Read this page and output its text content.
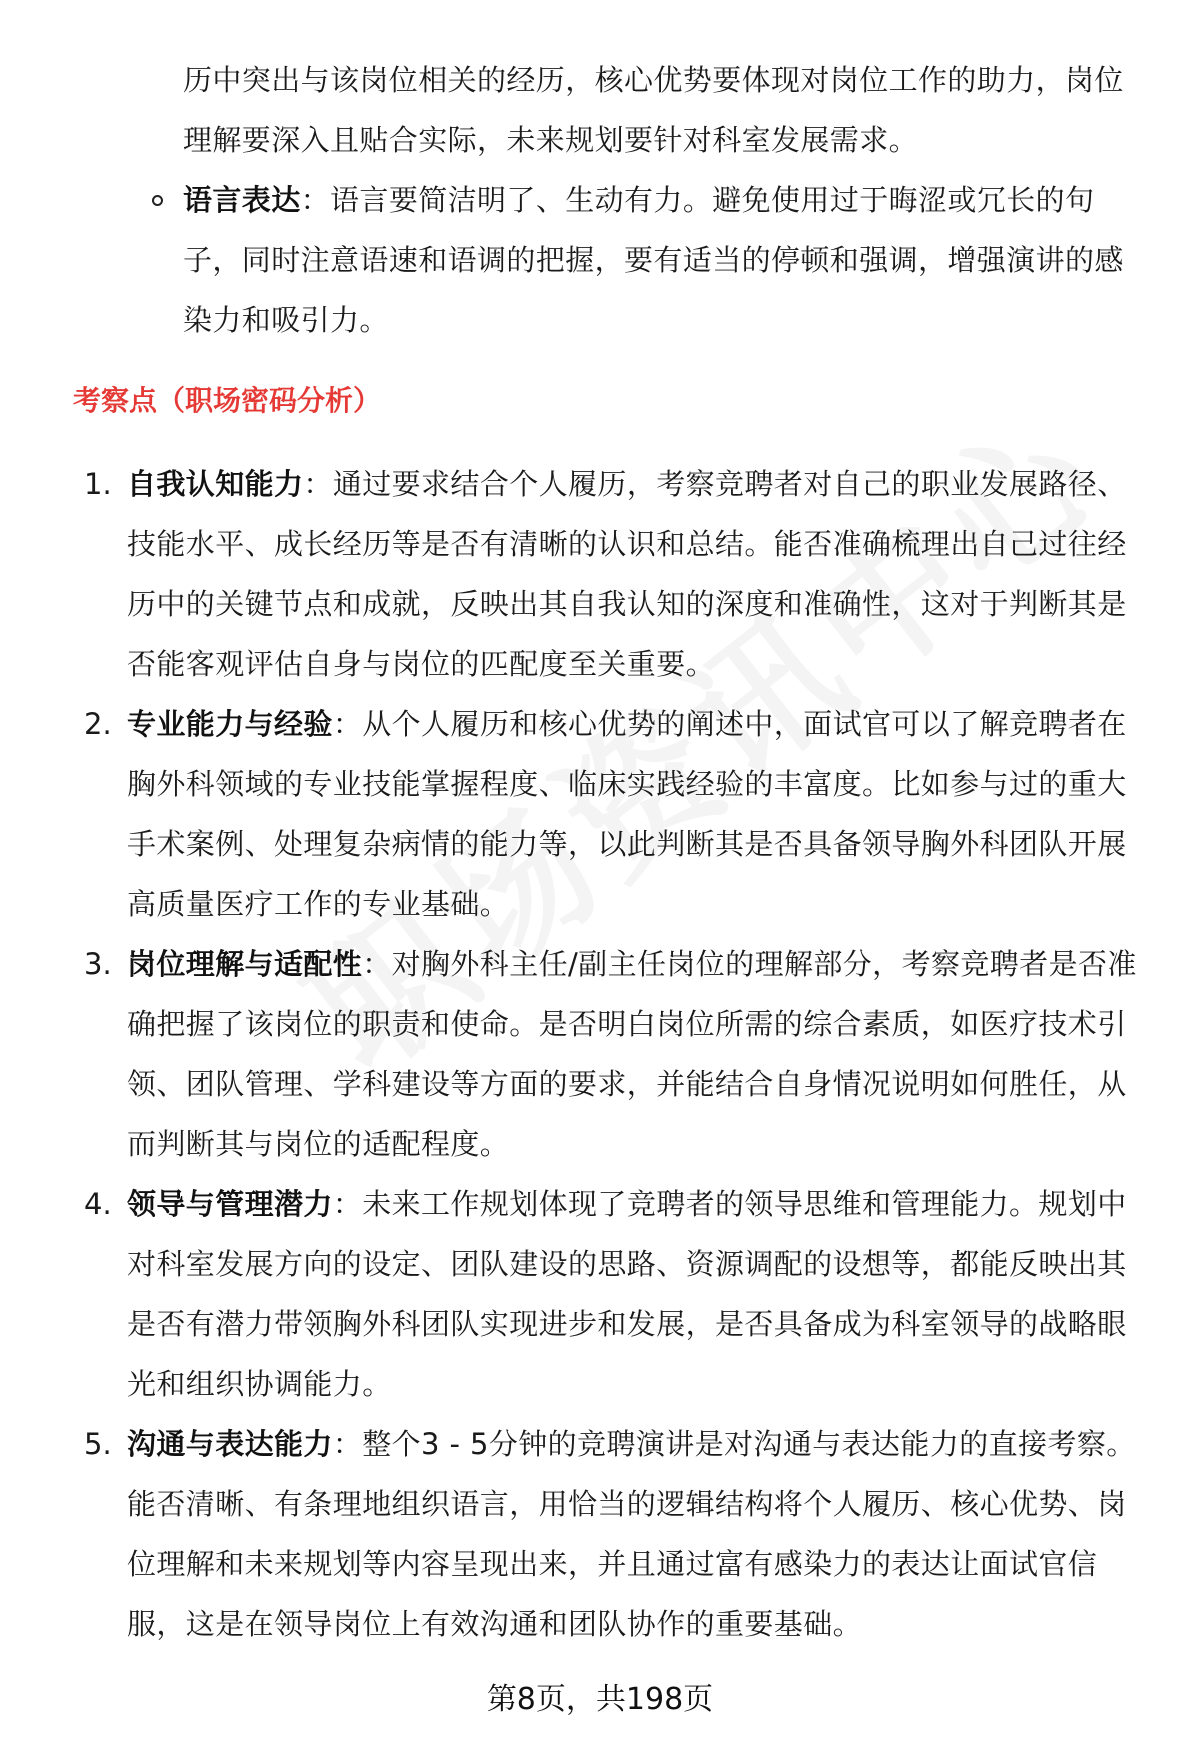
历中突出与该岗位相关的经历，核心优势要体现对岗位工作的助力，岗位
理解要深入且贴合实际，未来规划要针对科室发展需求。
语言表达：语言要简洁明了、生动有力。避免使用过于晦涩或冗长的句
子，同时注意语速和语调的把握，要有适当的停顿和强调，增强演讲的感
染力和吸引力。
考察点（职场密码分析）
1. 自我认知能力：通过要求结合个人履历，考察竞聘者对自己的职业发展路径、
技能水平、成长经历等是否有清晰的认识和总结。能否准确梳理出自己过往经
历中的关键节点和成就，反映出其自我认知的深度和准确性，这对于判断其是
否能客观评估自身与岗位的匹配度至关重要。
2. 专业能力与经验：从个人履历和核心优势的阐述中，面试官可以了解竞聘者在
胸外科领域的专业技能掌握程度、临床实践经验的丰富度。比如参与过的重大
手术案例、处理复杂病情的能力等，以此判断其是否具备领导胸外科团队开展
高质量医疗工作的专业基础。
3. 岗位理解与适配性：对胸外科主任/副主任岗位的理解部分，考察竞聘者是否准
确把握了该岗位的职责和使命。是否明白岗位所需的综合素质，如医疗技术引
领、团队管理、学科建设等方面的要求，并能结合自身情况说明如何胜任，从
而判断其与岗位的适配程度。
4. 领导与管理潜力：未来工作规划体现了竞聘者的领导思维和管理能力。规划中
对科室发展方向的设定、团队建设的思路、资源调配的设想等，都能反映出其
是否有潜力带领胸外科团队实现进步和发展，是否具备成为科室领导的战略眼
光和组织协调能力。
5. 沟通与表达能力：整个3 - 5分钟的竞聘演讲是对沟通与表达能力的直接考察。
能否清晰、有条理地组织语言，用恰当的逻辑结构将个人履历、核心优势、岗
位理解和未来规划等内容呈现出来，并且通过富有感染力的表达让面试官信
服，这是在领导岗位上有效沟通和团队协作的重要基础。
第8页，共198页
